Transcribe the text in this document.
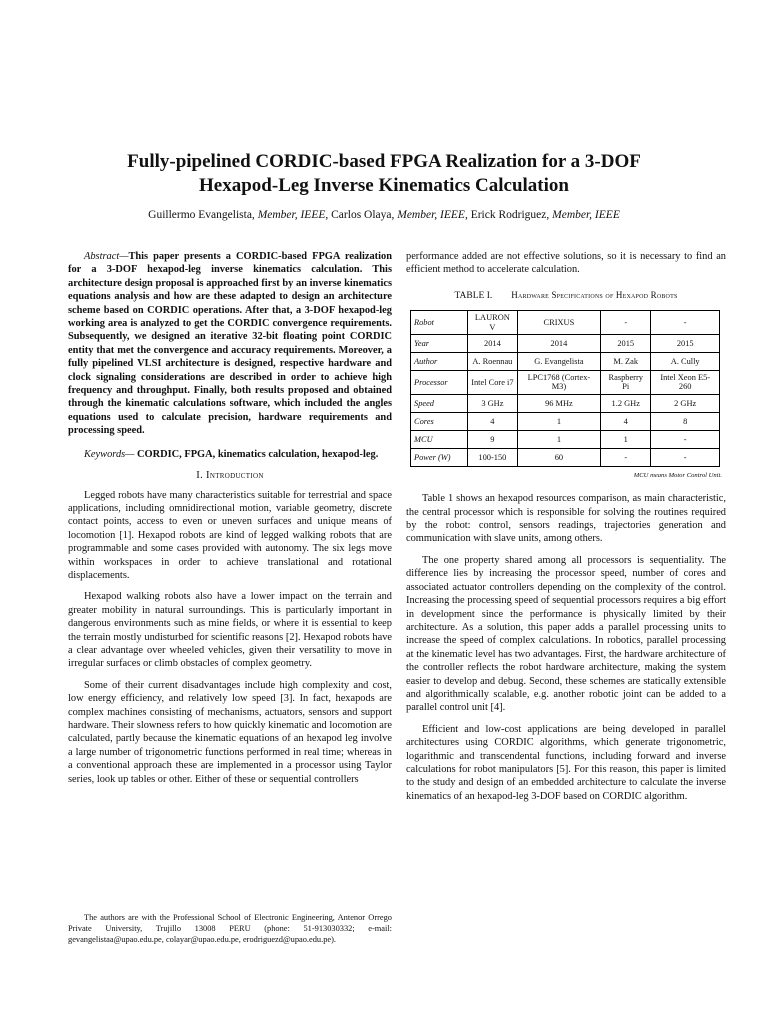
Fully-pipelined CORDIC-based FPGA Realization for a 3-DOF
Hexapod-Leg Inverse Kinematics Calculation
Guillermo Evangelista, Member, IEEE, Carlos Olaya, Member, IEEE, Erick Rodriguez, Member, IEEE

Abstract—This paper presents a CORDIC-based FPGA realization for a 3-DOF hexapod-leg inverse kinematics calculation. This architecture design proposal is approached first by an inverse kinematics equations analysis and how are these adapted to design an architecture scheme based on CORDIC operations. After that, a 3-DOF hexapod-leg working area is analyzed to get the CORDIC convergence requirements. Subsequently, we designed an iterative 32-bit floating point CORDIC entity that met the convergence and accuracy requirements. Moreover, a fully pipelined VLSI architecture is designed, respective hardware and clock signaling considerations are described in order to achieve high frequency and throughput. Finally, both results proposed and obtained through the kinematic calculations software, which included the angles equations used to calculate precision, hardware requirements and processing speed.

Keywords— CORDIC, FPGA, kinematics calculation, hexapod-leg.

I. Introduction

Legged robots have many characteristics suitable for terrestrial and space applications, including omnidirectional motion, variable geometry, discrete contact points, access to even or uneven surfaces and unique means of locomotion [1]. Hexapod robots are kind of legged walking robots that are programmable and some cases provided with autonomy. The six legs move within workspaces in order to achieve translational and rotational displacements.

Hexapod walking robots also have a lower impact on the terrain and greater mobility in natural surroundings. This is particularly important in dangerous environments such as mine fields, or where it is essential to keep the terrain mostly undisturbed for scientific reasons [2]. Hexapod robots have a clear advantage over wheeled vehicles, given their versatility to move in irregular surfaces or climb obstacles of complex geometry.

Some of their current disadvantages include high complexity and cost, low energy efficiency, and relatively low speed [3]. In fact, hexapods are complex machines consisting of mechanisms, actuators, sensors and support hardware. Their slowness refers to how quickly kinematic and locomotion are calculated, partly because the kinematic equations of an hexapod leg involve a large number of trigonometric functions performed in real time; whereas in a conventional approach these are implemented in a processor using Taylor series, look up tables or other. Either of these or sequential controllers

performance added are not effective solutions, so it is necessary to find an efficient method to accelerate calculation.

TABLE I. Hardware Specifications of Hexapod Robots
Robot	LAURON V	CRIXUS	-	-
Year	2014	2014	2015	2015
Author	A. Roennau	G. Evangelista	M. Zak	A. Cully
Processor	Intel Core i7	LPC1768 (Cortex-M3)	Raspberry Pi	Intel Xeon E5-260
Speed	3 GHz	96 MHz	1.2 GHz	2 GHz
Cores	4	1	4	8
MCU	9	1	1	-
Power (W)	100-150	60	-	-
MCU means Motor Control Unit.

Table 1 shows an hexapod resources comparison, as main characteristic, the central processor which is responsible for solving the routines required by the robot: control, sensors readings, trajectories generation and communication with slave units, among others.

The one property shared among all processors is sequentiality. The difference lies by increasing the processor speed, number of cores and associated actuator controllers depending on the complexity of the control. Increasing the processing speed of sequential processors requires a big effort in development since the performance is physically limited by their architecture. As a solution, this paper adds a parallel processing units to increase the speed of complex calculations. In robotics, parallel processing at the kinematic level has two advantages. First, the hardware architecture of the controller reflects the robot hardware architecture, making the system easier to develop and debug. Second, these schemes are statically extensible and algorithmically scalable, e.g. another robotic joint can be added to a parallel control unit [4].

Efficient and low-cost applications are being developed in parallel architectures using CORDIC algorithms, which generate trigonometric, logarithmic and transcendental functions, including forward and inverse calculations for robot manipulators [5]. For this reason, this paper is limited to the study and design of an embedded architecture to calculate the inverse kinematics of an hexapod-leg 3-DOF based on CORDIC algorithm.

The authors are with the Professional School of Electronic Engineering, Antenor Orrego Private University, Trujillo 13008 PERU (phone: 51-913030332; e-mail: gevangelistaa@upao.edu.pe, colayar@upao.edu.pe, erodriguezd@upao.edu.pe).
